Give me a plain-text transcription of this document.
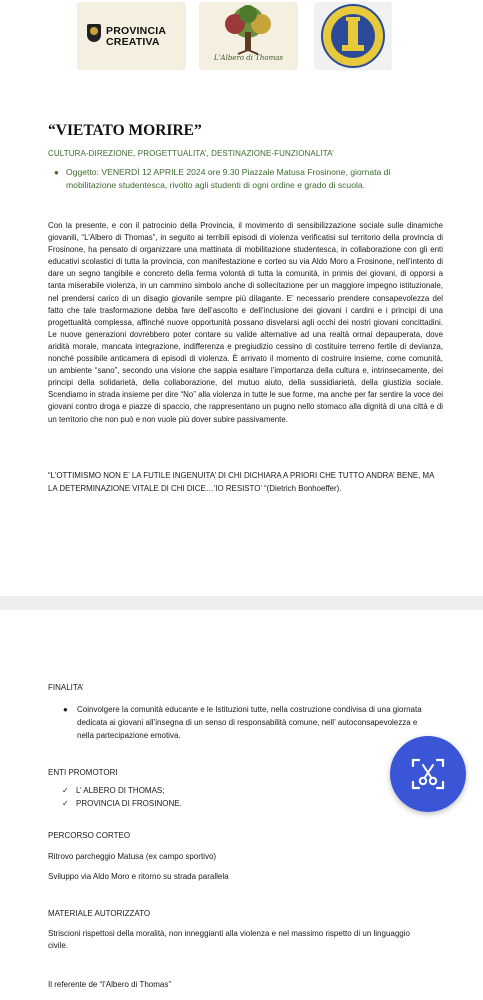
PROVINCIA
CREATIVA
L'Albero di Thomas
“VIETATO MORIRE”
CULTURA-DIREZIONE, PROGETTUALITA’, DESTINAZIONE-FUNZIONALITA’
● Oggetto: VENERDÌ 12 APRILE 2024 ore 9.30 Piazzale Matusa Frosinone, giornata di mobilitazione studentesca, rivolto agli studenti di ogni ordine e grado di scuola.
Con la presente, e con il patrocinio della Provincia, il movimento di sensibilizzazione sociale sulle dinamiche giovanili, “L’Albero di Thomas”, in seguito ai terribili episodi di violenza verificatisi sul territorio della provincia di Frosinone, ha pensato di organizzare una mattinata di mobilitazione studentesca, in collaborazione con gli enti educativi scolastici di tutta la provincia, con manifestazione e corteo su via Aldo Moro a Frosinone, nell’intento di dare un segno tangibile e concreto della ferma volontà di tutta la comunità, in primis dei giovani, di opporsi a tanta miserabile violenza, in un cammino simbolo anche di sollecitazione per un maggiore impegno istituzionale, nel prendersi carico di un disagio giovanile sempre più dilagante. E’ necessario prendere consapevolezza del fatto che tale trasformazione debba fare dell’ascolto e dell’inclusione dei giovani i cardini e i principi di una progettualità complessa, affinché nuove opportunità possano disvelarsi agli occhi dei nostri giovani concittadini. Le nuove generazioni dovrebbero poter contare su valide alternative ad una realtà ormai depauperata, dove aridità morale, mancata integrazione, indifferenza e pregiudizio cessino di costituire terreno fertile di devianza, nonché possibile anticamera di episodi di violenza. È arrivato il momento di costruire insieme, come comunità, un ambiente “sano”, secondo una visione che sappia esaltare l’importanza della cultura e, intrinsecamente, dei principi della solidarietà, della collaborazione, del mutuo aiuto, della sussidiarietà, della giustizia sociale. Scendiamo in strada insieme per dire “No” alla violenza in tutte le sue forme, ma anche per far sentire la voce dei giovani contro droga e piazze di spaccio, che rappresentano un pugno nello stomaco alla dignità di una città e di un territorio che non può e non vuole più dover subire passivamente.
“L’OTTIMISMO NON E’ LA FUTILE INGENUITA’ DI CHI DICHIARA A PRIORI CHE TUTTO ANDRA’ BENE, MA LA DETERMINAZIONE VITALE DI CHI DICE…’IO RESISTO’ “(Dietrich Bonhoeffer).
FINALITA’
● Coinvolgere la comunità educante e le Istituzioni tutte, nella costruzione condivisa di una giornata dedicata ai giovani all’insegna di un senso di responsabilità comune, nell’ autoconsapevolezza e nella partecipazione emotiva.
ENTI PROMOTORI
✓ L’ ALBERO DI THOMAS;
✓ PROVINCIA DI FROSINONE.
PERCORSO CORTEO
Ritrovo parcheggio Matusa (ex campo sportivo)
Sviluppo via Aldo Moro e ritorno su strada parallela
MATERIALE AUTORIZZATO
Striscioni rispettosi della moralità, non inneggianti alla violenza e nel massimo rispetto di un linguaggio civile.
Il referente de “l’Albero di Thomas”
